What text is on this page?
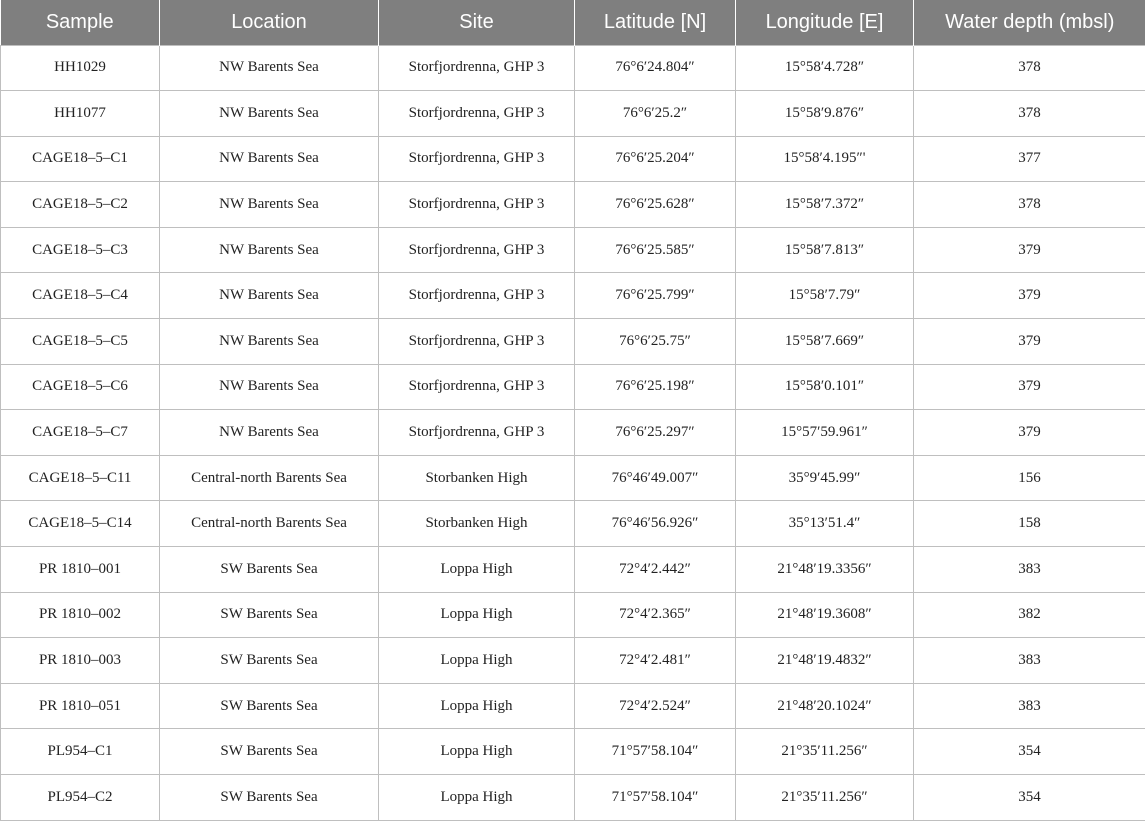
Sample	Location	Site	Latitude [N]	Longitude [E]	Water depth (mbsl)
HH1029	NW Barents Sea	Storfjordrenna, GHP 3	76°6′24.804″	15°58′4.728″	378
HH1077	NW Barents Sea	Storfjordrenna, GHP 3	76°6′25.2″	15°58′9.876″	378
CAGE18–5–C1	NW Barents Sea	Storfjordrenna, GHP 3	76°6′25.204″	15°58′4.195″'	377
CAGE18–5–C2	NW Barents Sea	Storfjordrenna, GHP 3	76°6′25.628″	15°58′7.372″	378
CAGE18–5–C3	NW Barents Sea	Storfjordrenna, GHP 3	76°6′25.585″	15°58′7.813″	379
CAGE18–5–C4	NW Barents Sea	Storfjordrenna, GHP 3	76°6′25.799″	15°58′7.79″	379
CAGE18–5–C5	NW Barents Sea	Storfjordrenna, GHP 3	76°6′25.75″	15°58′7.669″	379
CAGE18–5–C6	NW Barents Sea	Storfjordrenna, GHP 3	76°6′25.198″	15°58′0.101″	379
CAGE18–5–C7	NW Barents Sea	Storfjordrenna, GHP 3	76°6′25.297″	15°57′59.961″	379
CAGE18–5–C11	Central-north Barents Sea	Storbanken High	76°46′49.007″	35°9′45.99″	156
CAGE18–5–C14	Central-north Barents Sea	Storbanken High	76°46′56.926″	35°13′51.4″	158
PR 1810–001	SW Barents Sea	Loppa High	72°4′2.442″	21°48′19.3356″	383
PR 1810–002	SW Barents Sea	Loppa High	72°4′2.365″	21°48′19.3608″	382
PR 1810–003	SW Barents Sea	Loppa High	72°4′2.481″	21°48′19.4832″	383
PR 1810–051	SW Barents Sea	Loppa High	72°4′2.524″	21°48′20.1024″	383
PL954–C1	SW Barents Sea	Loppa High	71°57′58.104″	21°35′11.256″	354
PL954–C2	SW Barents Sea	Loppa High	71°57′58.104″	21°35′11.256″	354
